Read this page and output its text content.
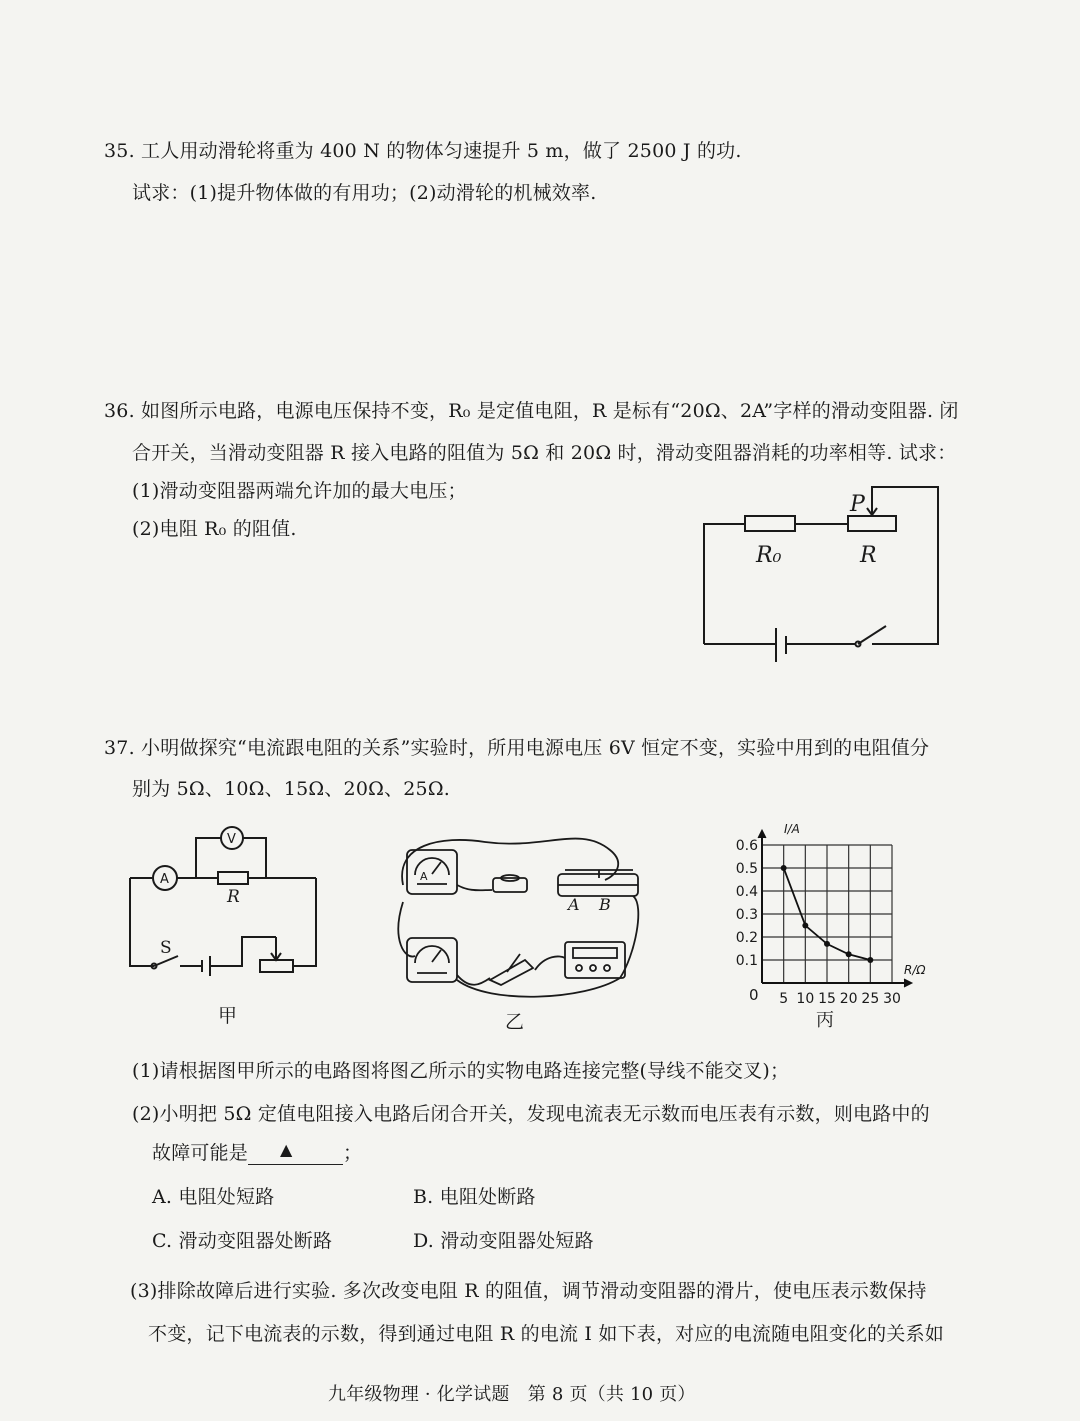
35. 工人用动滑轮将重为 400 N 的物体匀速提升 5 m，做了 2500 J 的功.
试求：(1)提升物体做的有用功；(2)动滑轮的机械效率.
36. 如图所示电路，电源电压保持不变，R₀ 是定值电阻，R 是标有“20Ω、2A”字样的滑动变阻器. 闭
合开关，当滑动变阻器 R 接入电路的阻值为 5Ω 和 20Ω 时，滑动变阻器消耗的功率相等. 试求：
(1)滑动变阻器两端允许加的最大电压；
(2)电阻 R₀ 的阻值.
P
R₀	R
37. 小明做探究“电流跟电阻的关系”实验时，所用电源电压 6V 恒定不变，实验中用到的电阻值分
别为 5Ω、10Ω、15Ω、20Ω、25Ω.
V
A
R
S
甲
A
A B
乙
0.1
0.2
0.3
0.4
0.5
0.6
5 10 15 20 25 30
I/A
R/Ω
0
丙
(1)请根据图甲所示的电路图将图乙所示的实物电路连接完整(导线不能交叉)；
(2)小明把 5Ω 定值电阻接入电路后闭合开关，发现电流表无示数而电压表有示数，则电路中的
故障可能是 ▲	；
A. 电阻处短路	B. 电阻处断路
C. 滑动变阻器处断路	D. 滑动变阻器处短路
(3)排除故障后进行实验. 多次改变电阻 R 的阻值，调节滑动变阻器的滑片，使电压表示数保持
不变，记下电流表的示数，得到通过电阻 R 的电流 I 如下表，对应的电流随电阻变化的关系如
九年级物理 · 化学试题　第 8 页（共 10 页）
